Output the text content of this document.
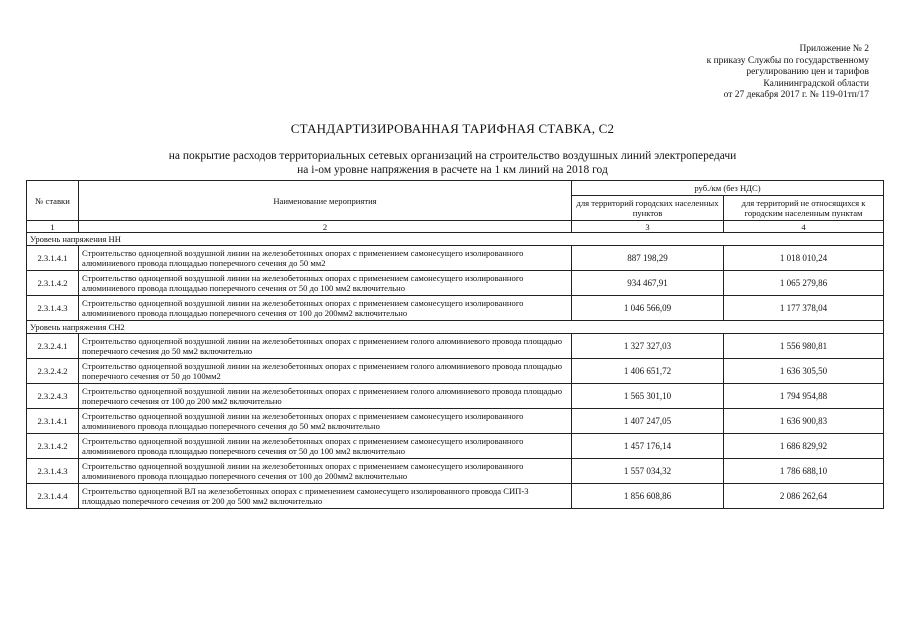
Приложение № 2
к приказу Службы по государственному
регулированию цен и тарифов
Калининградской области
от 27 декабря 2017 г. № 119-01тп/17
СТАНДАРТИЗИРОВАННАЯ ТАРИФНАЯ СТАВКА, С2
на покрытие расходов территориальных сетевых организаций на строительство воздушных линий электропередачи
на i-ом уровне напряжения в расчете на 1 км линий на 2018 год
№ ставки	Наименование мероприятия	руб./км (без НДС)	
		для территорий городских населенных пунктов	для территорий не относящихся к городским населенным пунктам
1	2	3	4
Уровень напряжения НН			
2.3.1.4.1	Строительство одноцепной воздушной линии на железобетонных опорах с применением самонесущего изолированного алюминиевого провода площадью поперечного сечения до 50 мм2	887 198,29	1 018 010,24
2.3.1.4.2	Строительство одноцепной воздушной линии на железобетонных опорах с применением самонесущего изолированного алюминиевого провода площадью поперечного сечения от 50 до 100 мм2 включительно	934 467,91	1 065 279,86
2.3.1.4.3	Строительство одноцепной воздушной линии на железобетонных опорах с применением самонесущего изолированного алюминиевого провода площадью поперечного сечения от 100 до 200мм2 включительно	1 046 566,09	1 177 378,04
Уровень напряжения СН2			
2.3.2.4.1	Строительство одноцепной воздушной линии на железобетонных опорах с применением голого алюминиевого провода площадью поперечного сечения до 50 мм2 включительно	1 327 327,03	1 556 980,81
2.3.2.4.2	Строительство одноцепной воздушной линии на железобетонных опорах с применением голого алюминиевого провода площадью поперечного сечения от 50 до 100мм2	1 406 651,72	1 636 305,50
2.3.2.4.3	Строительство одноцепной воздушной линии на железобетонных опорах с применением голого алюминиевого провода площадью поперечного сечения от 100 до 200 мм2 включительно	1 565 301,10	1 794 954,88
2.3.1.4.1	Строительство одноцепной воздушной линии на железобетонных опорах с применением самонесущего изолированного алюминиевого провода площадью поперечного сечения до 50 мм2 включительно	1 407 247,05	1 636 900,83
2.3.1.4.2	Строительство одноцепной воздушной линии на железобетонных опорах с применением самонесущего изолированного алюминиевого провода площадью поперечного сечения от 50 до 100 мм2 включительно	1 457 176,14	1 686 829,92
2.3.1.4.3	Строительство одноцепной воздушной линии на железобетонных опорах с применением самонесущего изолированного алюминиевого провода площадью поперечного сечения от 100 до 200мм2 включительно	1 557 034,32	1 786 688,10
2.3.1.4.4	Строительство одноцепной ВЛ на железобетонных опорах с применением самонесущего изолированного провода СИП-3 площадью поперечного сечения от 200 до 500 мм2 включительно	1 856 608,86	2 086 262,64
